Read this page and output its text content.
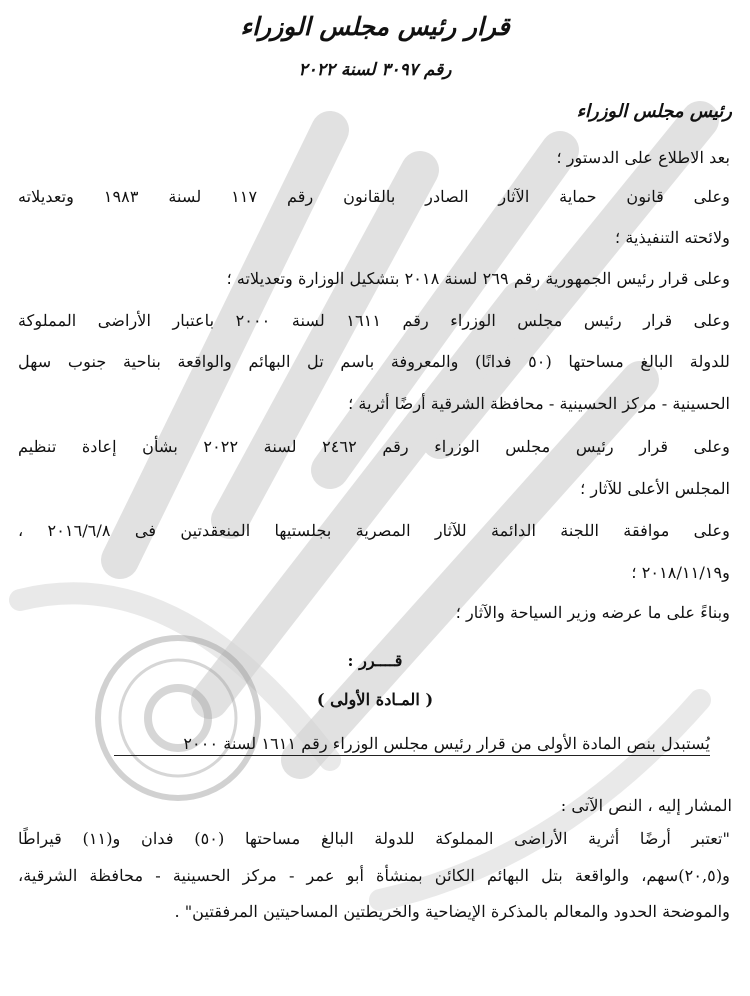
قرار رئيس مجلس الوزراء
رقم ٣٠٩٧ لسنة ٢٠٢٢
رئيس مجلس الوزراء
بعد الاطلاع على الدستور ؛
وعلى قانون حماية الآثار الصادر بالقانون رقم ١١٧ لسنة ١٩٨٣ وتعديلاته
ولائحته التنفيذية ؛
وعلى قرار رئيس الجمهورية رقم ٢٦٩ لسنة ٢٠١٨ بتشكيل الوزارة وتعديلاته ؛
وعلى قرار رئيس مجلس الوزراء رقم ١٦١١ لسنة ٢٠٠٠ باعتبار الأراضى المملوكة
للدولة البالغ مساحتها (٥٠ فدانًا) والمعروفة باسم تل البهائم والواقعة بناحية جنوب سهل
الحسينية - مركز الحسينية - محافظة الشرقية أرضًا أثرية ؛
وعلى قرار رئيس مجلس الوزراء رقم ٢٤٦٢ لسنة ٢٠٢٢ بشأن إعادة تنظيم
المجلس الأعلى للآثار ؛
وعلى موافقة اللجنة الدائمة للآثار المصرية بجلستيها المنعقدتين فى ٢٠١٦/٦/٨ ،
و٢٠١٨/١١/١٩ ؛
وبناءً على ما عرضه وزير السياحة والآثار ؛
قــــرر :
( المـادة الأولى )
يُستبدل بنص المادة الأولى من قرار رئيس مجلس الوزراء رقم ١٦١١ لسنة ٢٠٠٠
المشار إليه ، النص الآتى :
"تعتبر أرضًا أثرية الأراضى المملوكة للدولة البالغ مساحتها (٥٠) فدان و(١١) قيراطًا
و(٢٠,٥)سهم، والواقعة بتل البهائم الكائن بمنشأة أبو عمر - مركز الحسينية - محافظة الشرقية،
والموضحة الحدود والمعالم بالمذكرة الإيضاحية والخريطتين المساحيتين المرفقتين" .
